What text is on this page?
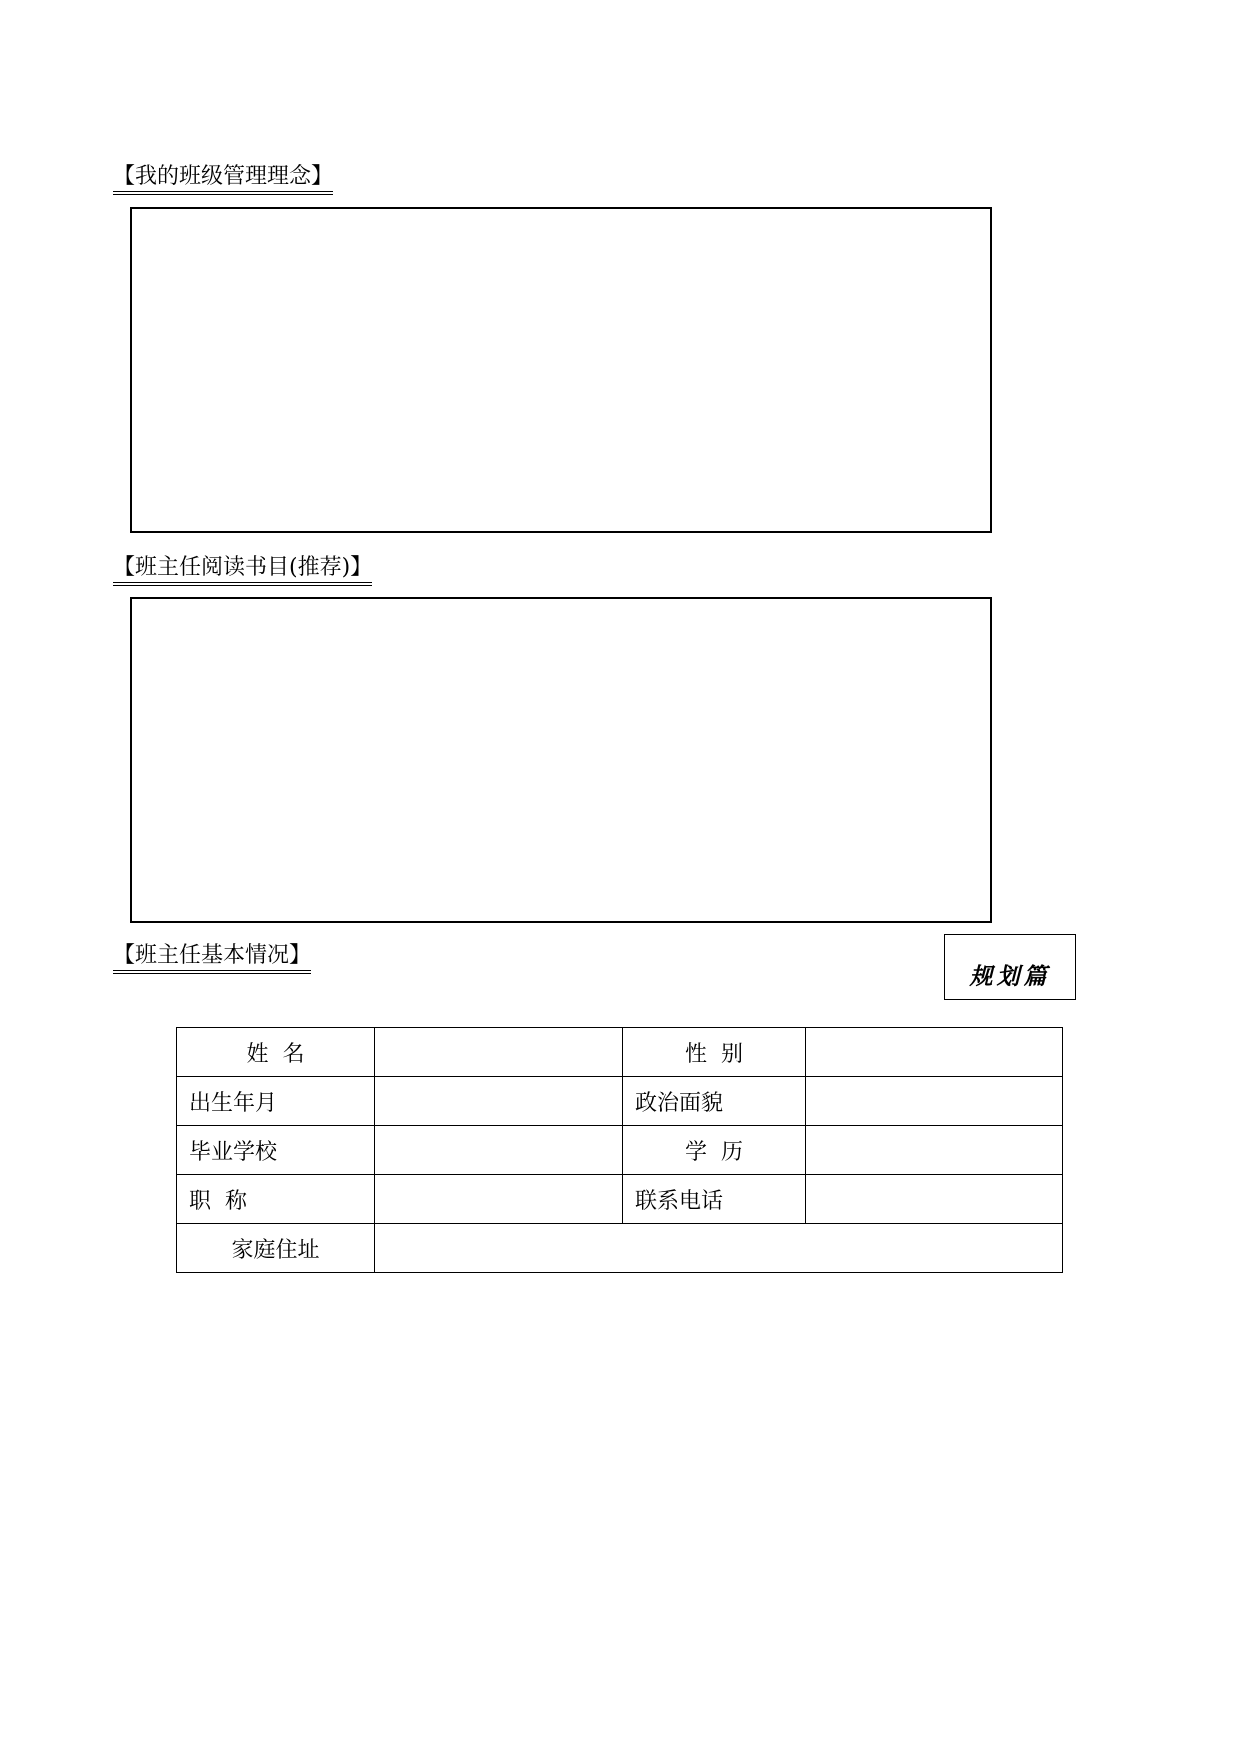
【我的班级管理理念】
【班主任阅读书目(推荐)】
【班主任基本情况】
规划篇
姓  名		性  别	
出生年月		政治面貌	
毕业学校		学  历	
职  称		联系电话	
家庭住址			
